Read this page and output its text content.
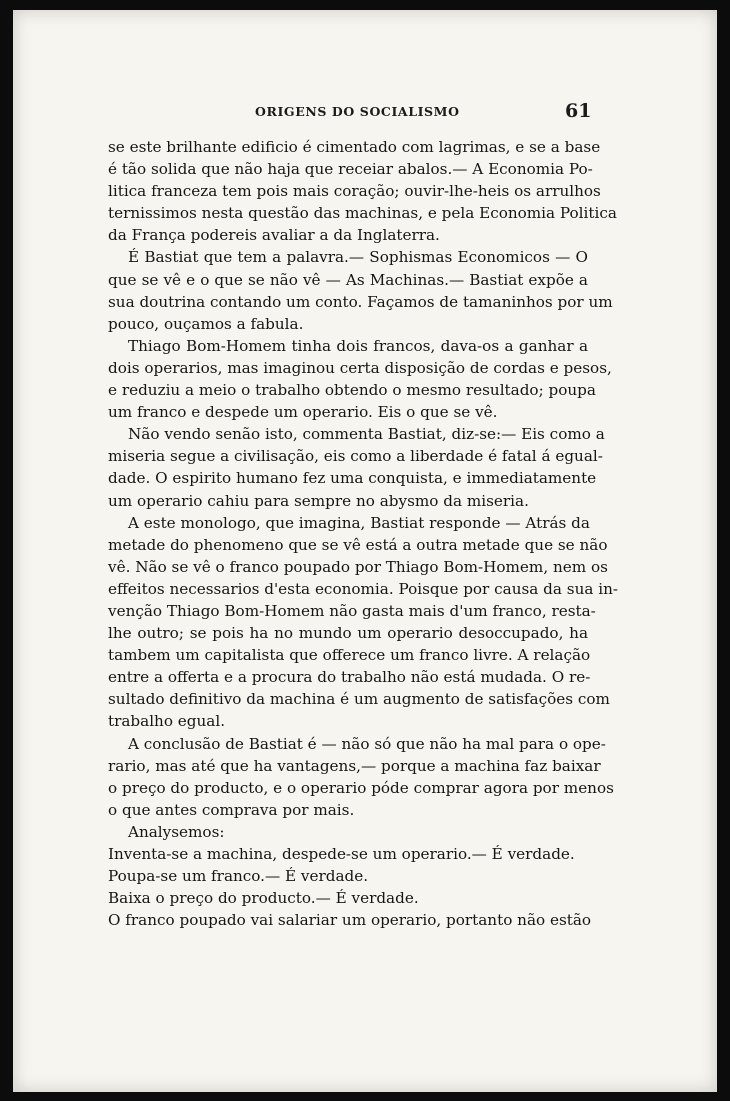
ORIGENS DO SOCIALISMO	61
se este brilhante edificio é cimentado com lagrimas, e se a base
é tão solida que não haja que receiar abalos.— A Economia Po-
litica franceza tem pois mais coração; ouvir-lhe-heis os arrulhos
ternissimos nesta questão das machinas, e pela Economia Politica
da França podereis avaliar a da Inglaterra.
É Bastiat que tem a palavra.— Sophismas Economicos — O
que se vê e o que se não vê — As Machinas.— Bastiat expõe a
sua doutrina contando um conto. Façamos de tamaninhos por um
pouco, ouçamos a fabula.
Thiago Bom-Homem tinha dois francos, dava-os a ganhar a
dois operarios, mas imaginou certa disposição de cordas e pesos,
e reduziu a meio o trabalho obtendo o mesmo resultado; poupa
um franco e despede um operario. Eis o que se vê.
Não vendo senão isto, commenta Bastiat, diz-se:— Eis como a
miseria segue a civilisação, eis como a liberdade é fatal á egual-
dade. O espirito humano fez uma conquista, e immediatamente
um operario cahiu para sempre no abysmo da miseria.
A este monologo, que imagina, Bastiat responde — Atrás da
metade do phenomeno que se vê está a outra metade que se não
vê. Não se vê o franco poupado por Thiago Bom-Homem, nem os
effeitos necessarios d'esta economia. Poisque por causa da sua in-
venção Thiago Bom-Homem não gasta mais d'um franco, resta-
lhe outro; se pois ha no mundo um operario desoccupado, ha
tambem um capitalista que offerece um franco livre. A relação
entre a offerta e a procura do trabalho não está mudada. O re-
sultado definitivo da machina é um augmento de satisfações com
trabalho egual.
A conclusão de Bastiat é — não só que não ha mal para o ope-
rario, mas até que ha vantagens,— porque a machina faz baixar
o preço do producto, e o operario póde comprar agora por menos
o que antes comprava por mais.
Analysemos:
Inventa-se a machina, despede-se um operario.— É verdade.
Poupa-se um franco.— É verdade.
Baixa o preço do producto.— É verdade.
O franco poupado vai salariar um operario, portanto não estão
